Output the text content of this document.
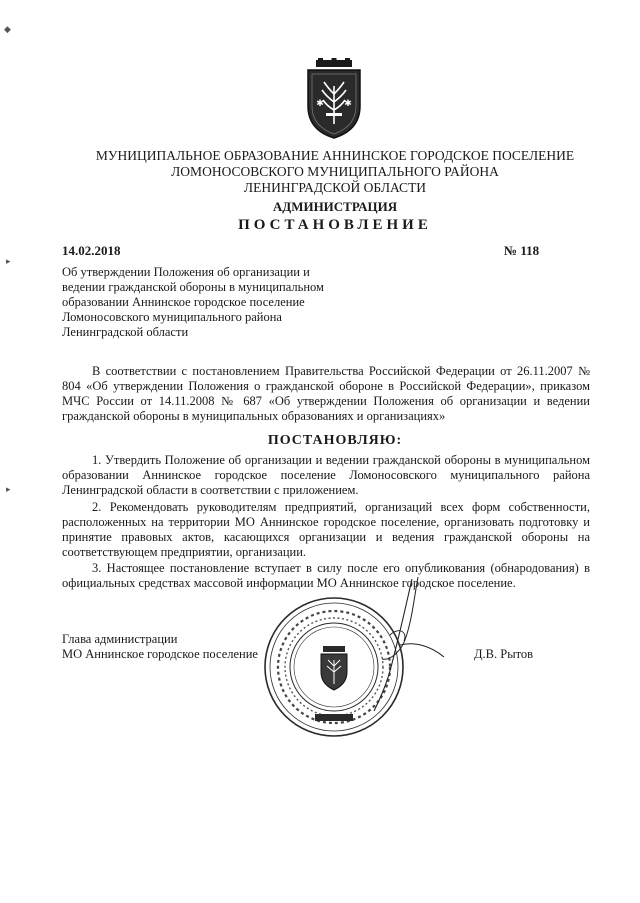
✱ ✱
МУНИЦИПАЛЬНОЕ ОБРАЗОВАНИЕ АННИНСКОЕ ГОРОДСКОЕ ПОСЕЛЕНИЕ
ЛОМОНОСОВСКОГО МУНИЦИПАЛЬНОГО РАЙОНА
ЛЕНИНГРАДСКОЙ ОБЛАСТИ
АДМИНИСТРАЦИЯ
ПОСТАНОВЛЕНИЕ
14.02.2018	№ 118
Об утверждении Положения об организации и ведении гражданской обороны в муниципальном образовании Аннинское городское поселение Ломоносовского муниципального района Ленинградской области
В соответствии с постановлением Правительства Российской Федерации от 26.11.2007 № 804 «Об утверждении Положения о гражданской обороне в Российской Федерации», приказом МЧС России от 14.11.2008 № 687 «Об утверждении Положения об организации и ведении гражданской обороны в муниципальных образованиях и организациях»
ПОСТАНОВЛЯЮ:
1. Утвердить Положение об организации и ведении гражданской обороны в муниципальном образовании Аннинское городское поселение Ломоносовского муниципального района Ленинградской области в соответствии с приложением.
2. Рекомендовать руководителям предприятий, организаций всех форм собственности, расположенных на территории МО Аннинское городское поселение, организовать подготовку и принятие правовых актов, касающихся организации и ведения гражданской обороны на соответствующем предприятии, организации.
3. Настоящее постановление вступает в силу после его опубликования (обнародования) в официальных средствах массовой информации МО Аннинское городское поселение.
Глава администрации
МО Аннинское городское поселение	Д.В. Рытов
◆
▸
▸
